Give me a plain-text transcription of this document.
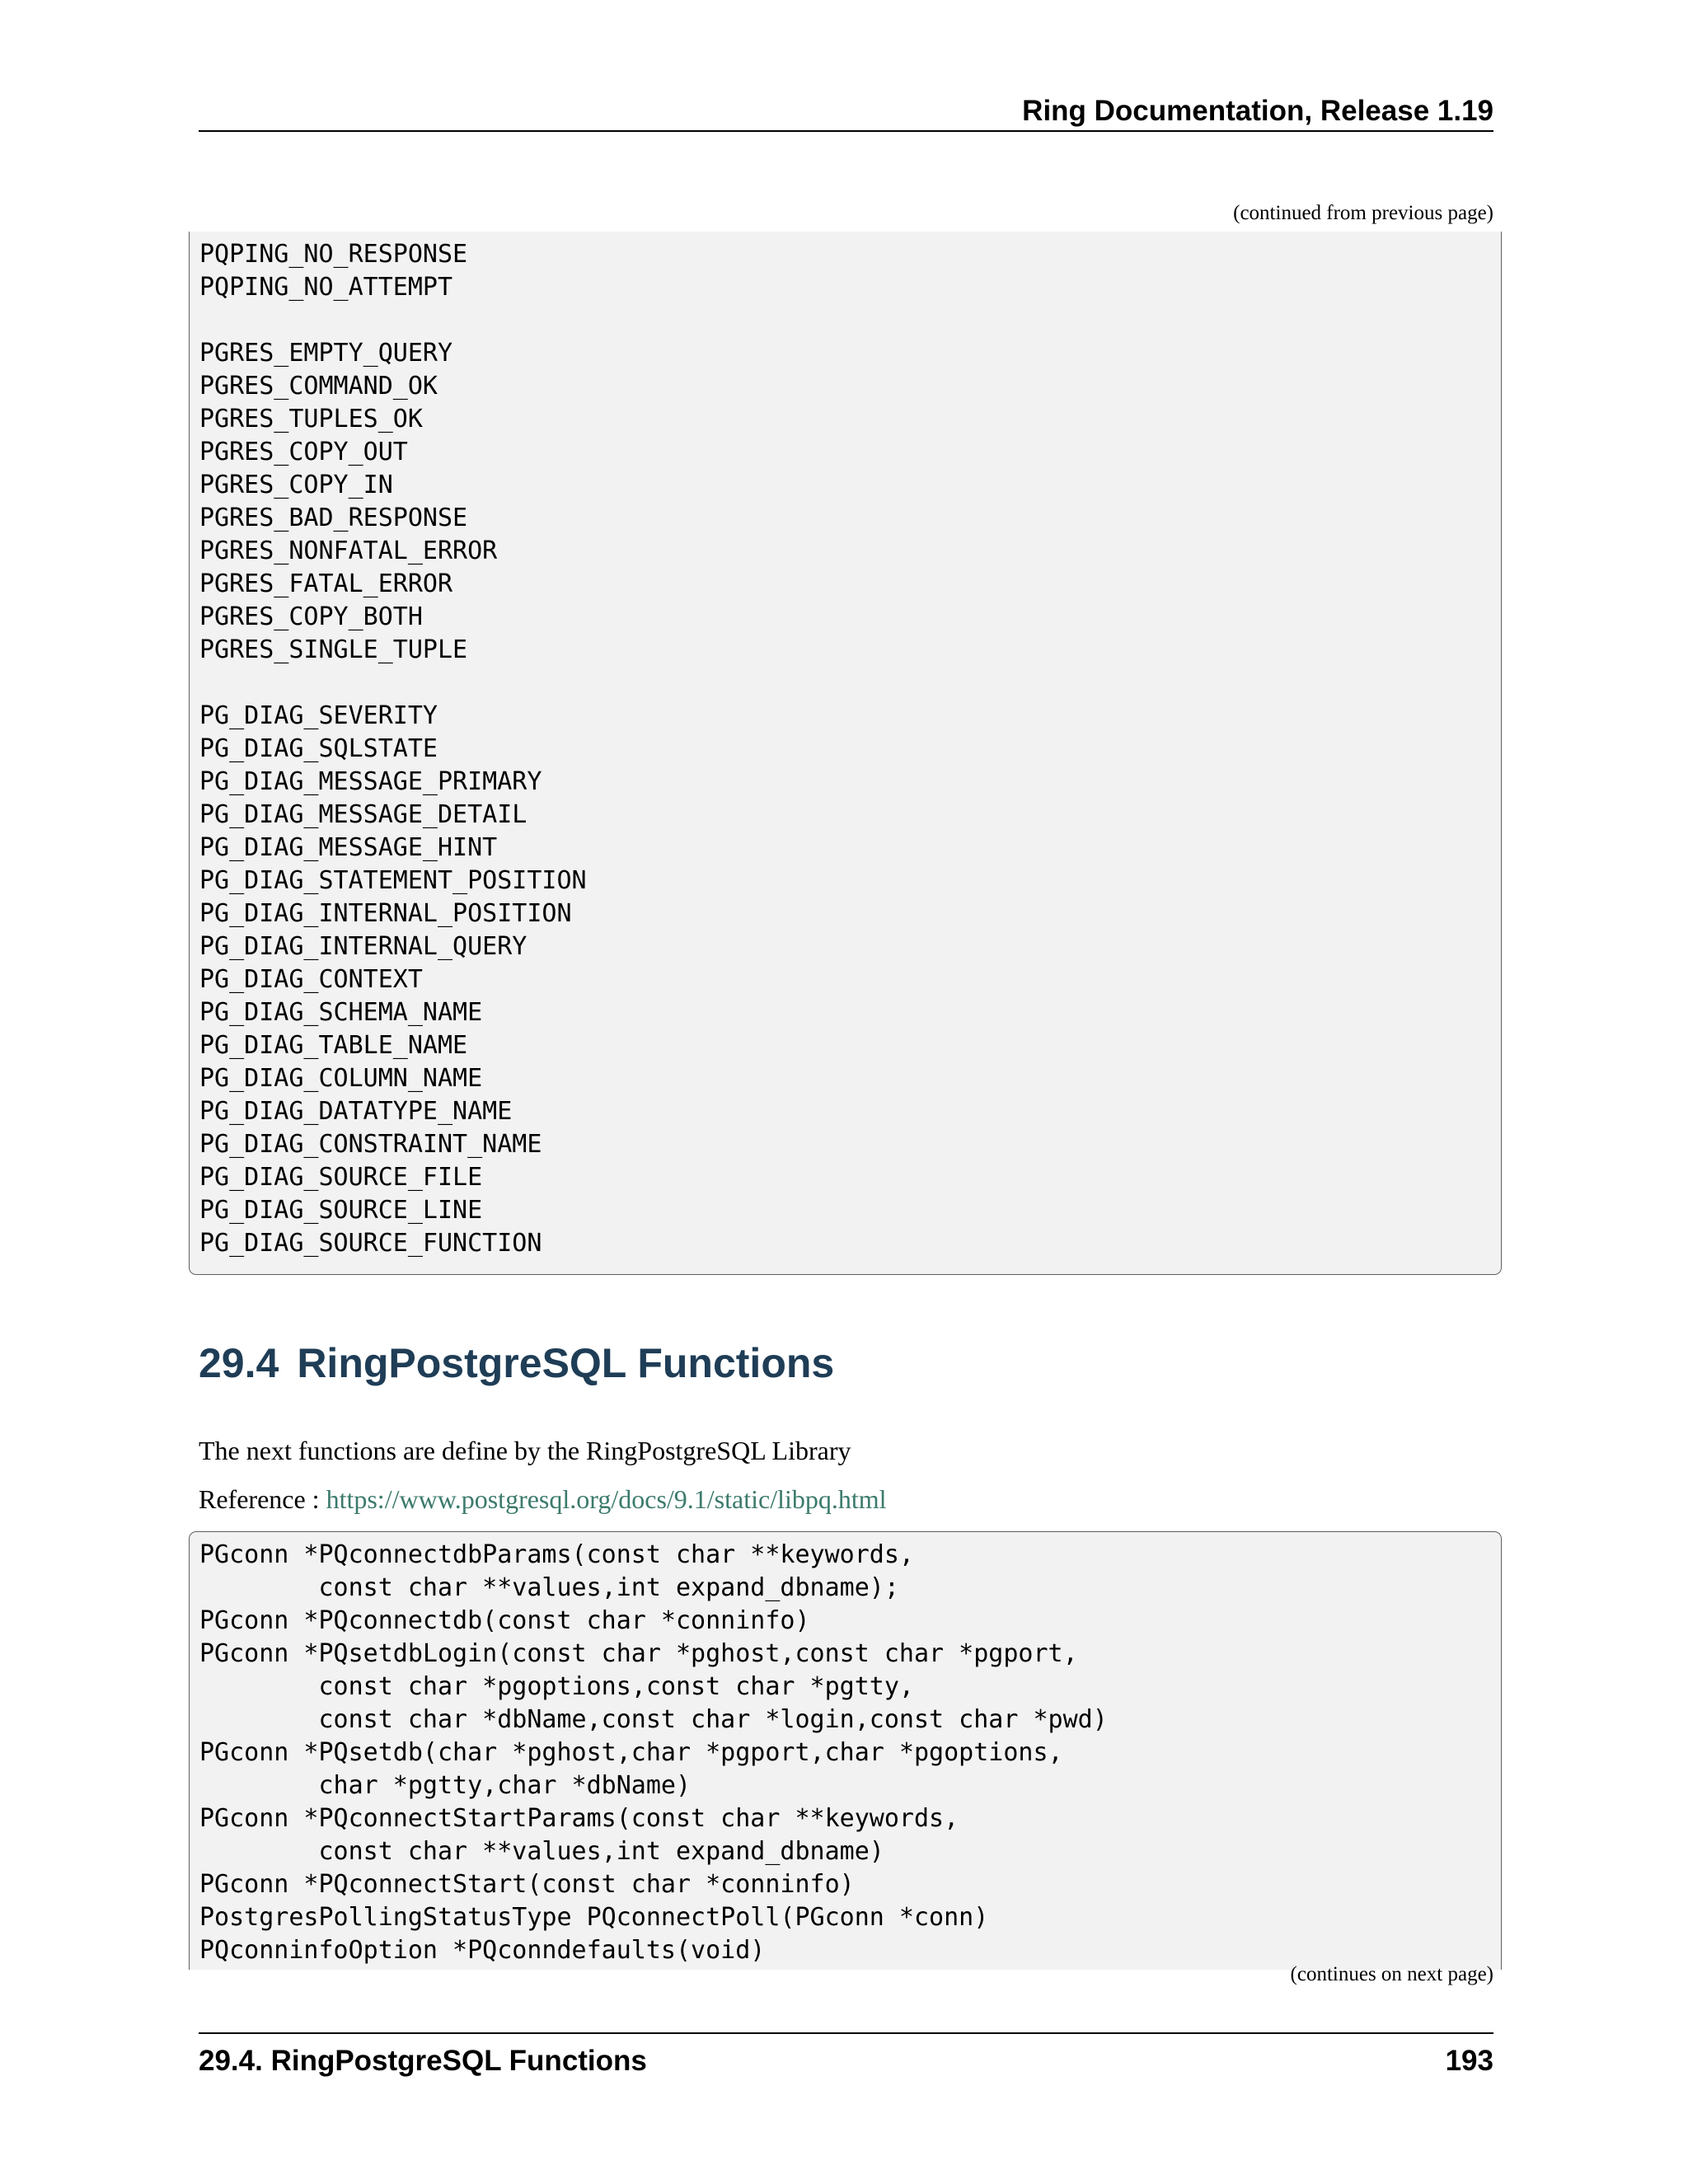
Ring Documentation, Release 1.19
(continued from previous page)
PQPING_NO_RESPONSE
PQPING_NO_ATTEMPT
PGRES_EMPTY_QUERY
PGRES_COMMAND_OK
PGRES_TUPLES_OK
PGRES_COPY_OUT
PGRES_COPY_IN
PGRES_BAD_RESPONSE
PGRES_NONFATAL_ERROR
PGRES_FATAL_ERROR
PGRES_COPY_BOTH
PGRES_SINGLE_TUPLE
PG_DIAG_SEVERITY
PG_DIAG_SQLSTATE
PG_DIAG_MESSAGE_PRIMARY
PG_DIAG_MESSAGE_DETAIL
PG_DIAG_MESSAGE_HINT
PG_DIAG_STATEMENT_POSITION
PG_DIAG_INTERNAL_POSITION
PG_DIAG_INTERNAL_QUERY
PG_DIAG_CONTEXT
PG_DIAG_SCHEMA_NAME
PG_DIAG_TABLE_NAME
PG_DIAG_COLUMN_NAME
PG_DIAG_DATATYPE_NAME
PG_DIAG_CONSTRAINT_NAME
PG_DIAG_SOURCE_FILE
PG_DIAG_SOURCE_LINE
PG_DIAG_SOURCE_FUNCTION
29.4 RingPostgreSQL Functions

The next functions are define by the RingPostgreSQL Library

Reference : https://www.postgresql.org/docs/9.1/static/libpq.html

PGconn *PQconnectdbParams(const char **keywords,
const char **values,int expand_dbname);
PGconn *PQconnectdb(const char *conninfo)
PGconn *PQsetdbLogin(const char *pghost,const char *pgport,
const char *pgoptions,const char *pgtty,
const char *dbName,const char *login,const char *pwd)
PGconn *PQsetdb(char *pghost,char *pgport,char *pgoptions,
char *pgtty,char *dbName)
PGconn *PQconnectStartParams(const char **keywords,
const char **values,int expand_dbname)
PGconn *PQconnectStart(const char *conninfo)
PostgresPollingStatusType PQconnectPoll(PGconn *conn)
PQconninfoOption *PQconndefaults(void)
(continues on next page)
29.4. RingPostgreSQL Functions	193
